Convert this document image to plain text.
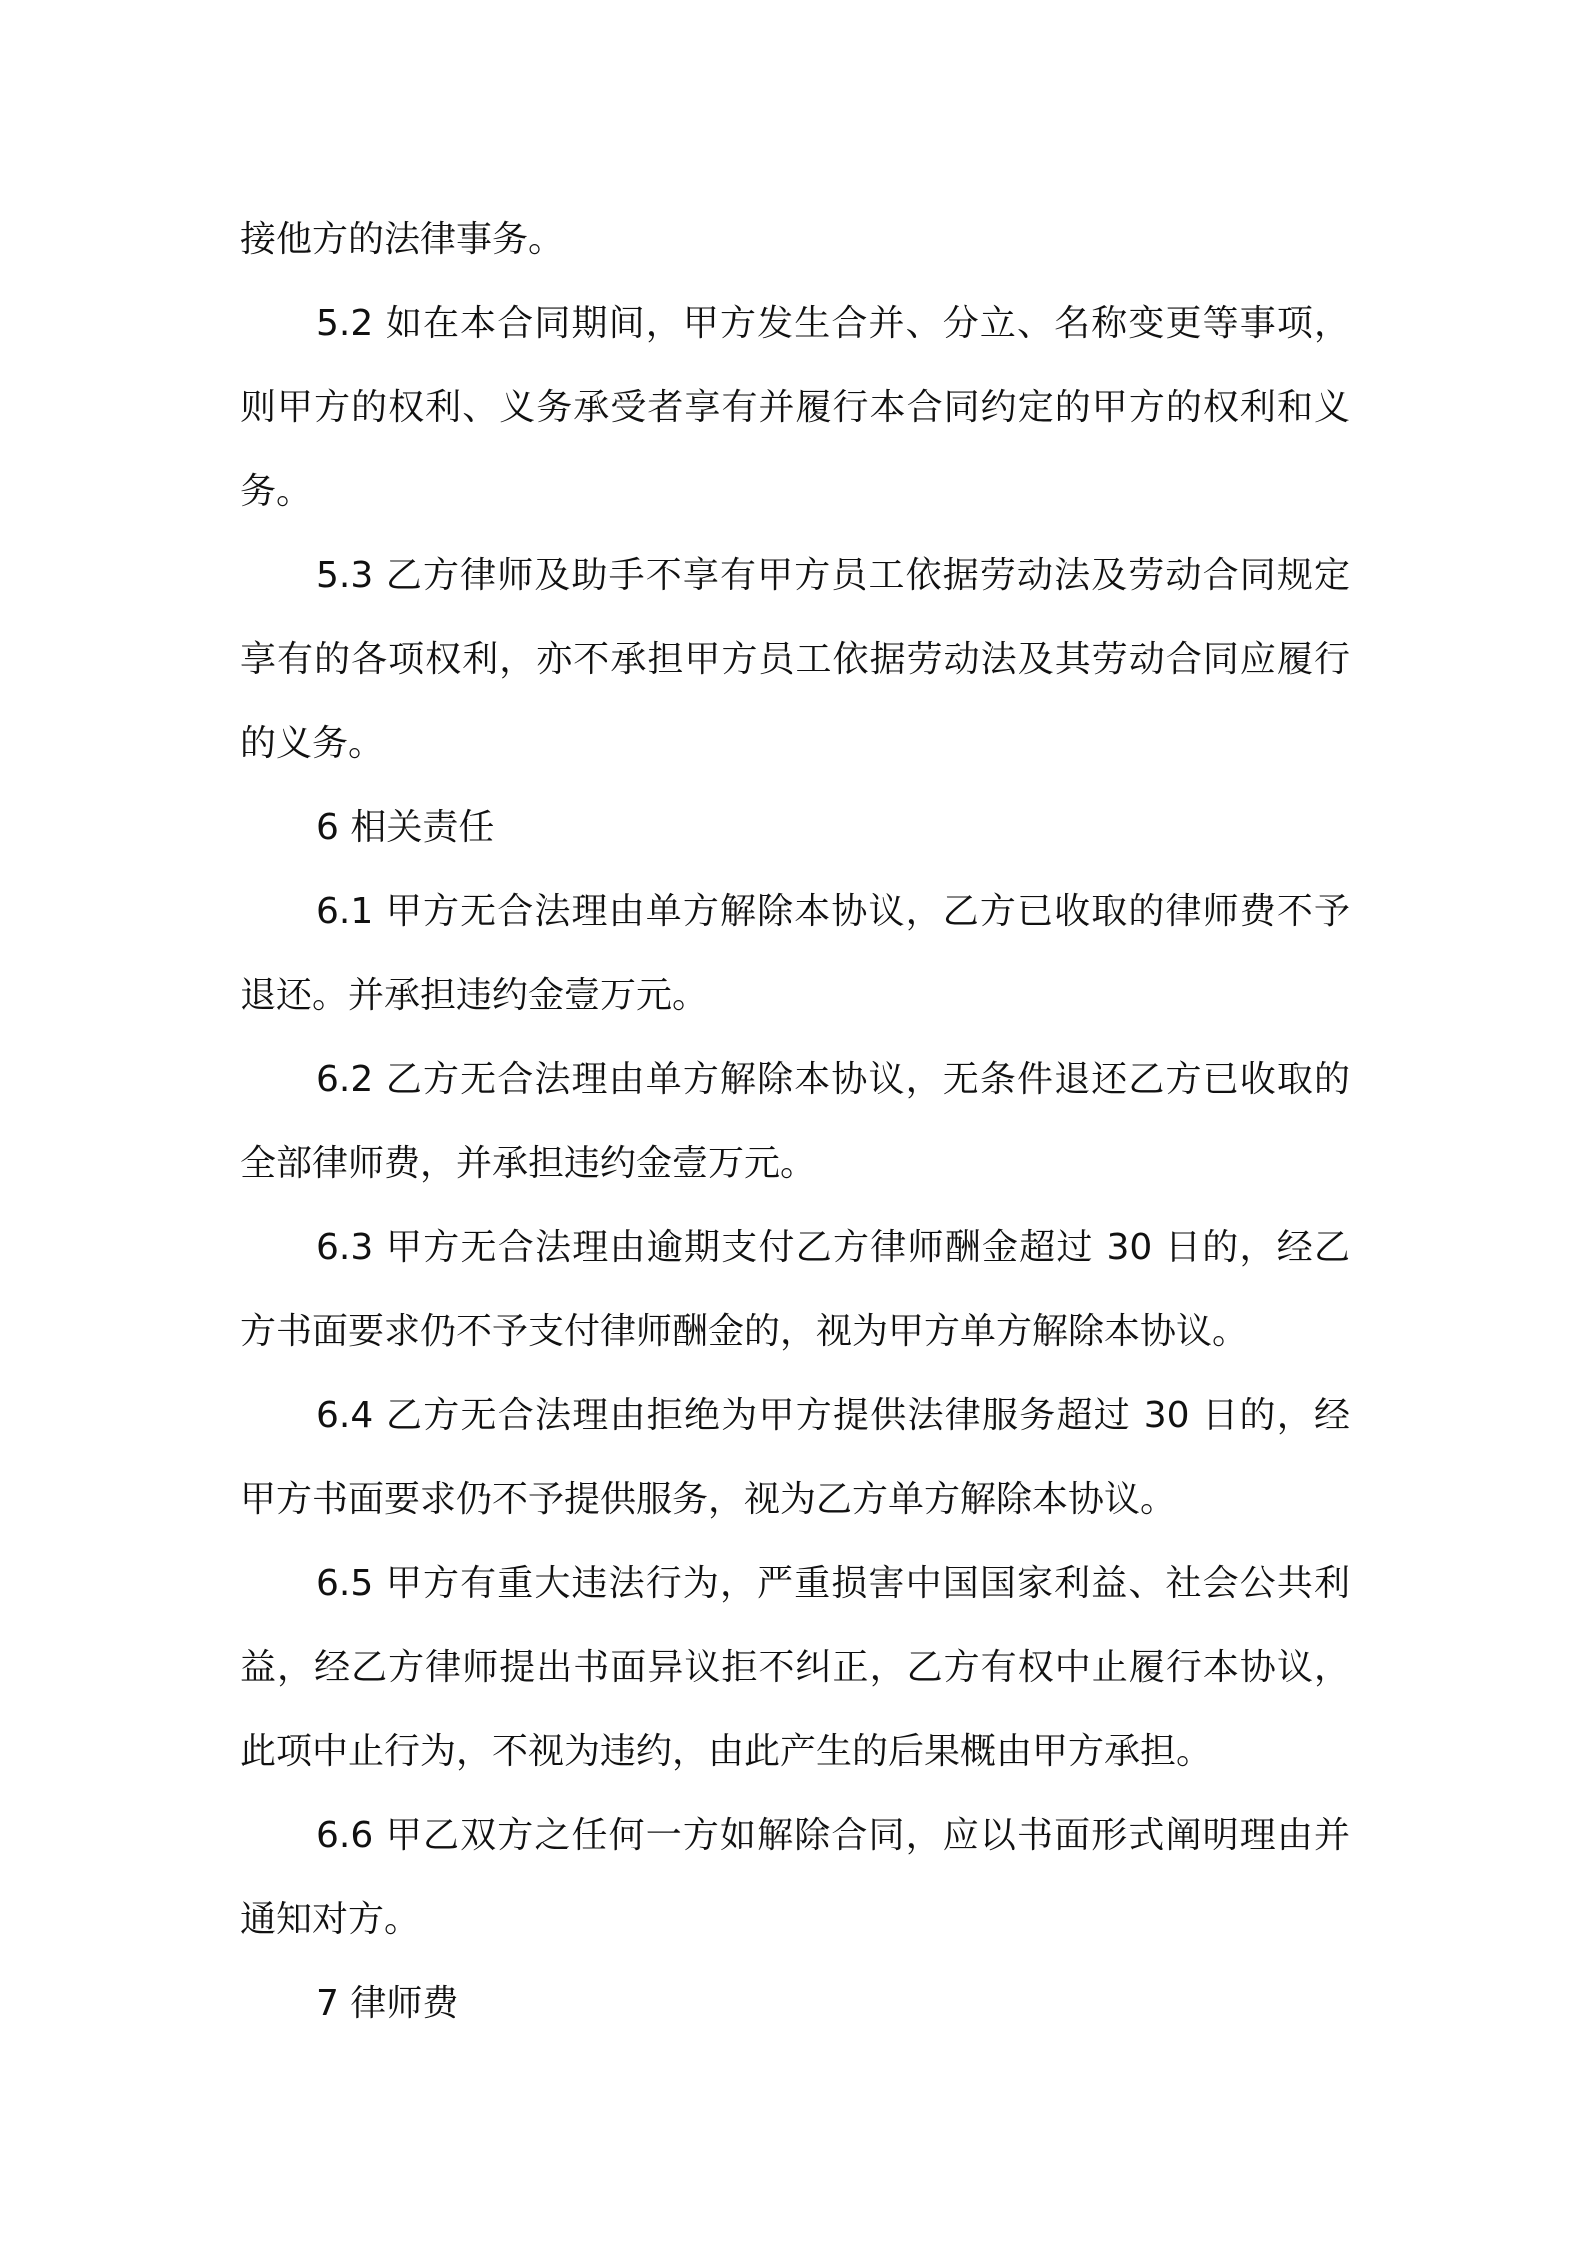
接他方的法律事务。

5.2 如在本合同期间，甲方发生合并、分立、名称变更等事项，则甲方的权利、义务承受者享有并履行本合同约定的甲方的权利和义务。

5.3 乙方律师及助手不享有甲方员工依据劳动法及劳动合同规定享有的各项权利，亦不承担甲方员工依据劳动法及其劳动合同应履行的义务。

6 相关责任

6.1 甲方无合法理由单方解除本协议，乙方已收取的律师费不予退还。并承担违约金壹万元。

6.2 乙方无合法理由单方解除本协议，无条件退还乙方已收取的全部律师费，并承担违约金壹万元。

6.3 甲方无合法理由逾期支付乙方律师酬金超过 30 日的，经乙方书面要求仍不予支付律师酬金的，视为甲方单方解除本协议。

6.4 乙方无合法理由拒绝为甲方提供法律服务超过 30 日的，经甲方书面要求仍不予提供服务，视为乙方单方解除本协议。

6.5 甲方有重大违法行为，严重损害中国国家利益、社会公共利益，经乙方律师提出书面异议拒不纠正，乙方有权中止履行本协议，此项中止行为，不视为违约，由此产生的后果概由甲方承担。

6.6 甲乙双方之任何一方如解除合同，应以书面形式阐明理由并通知对方。

7 律师费
